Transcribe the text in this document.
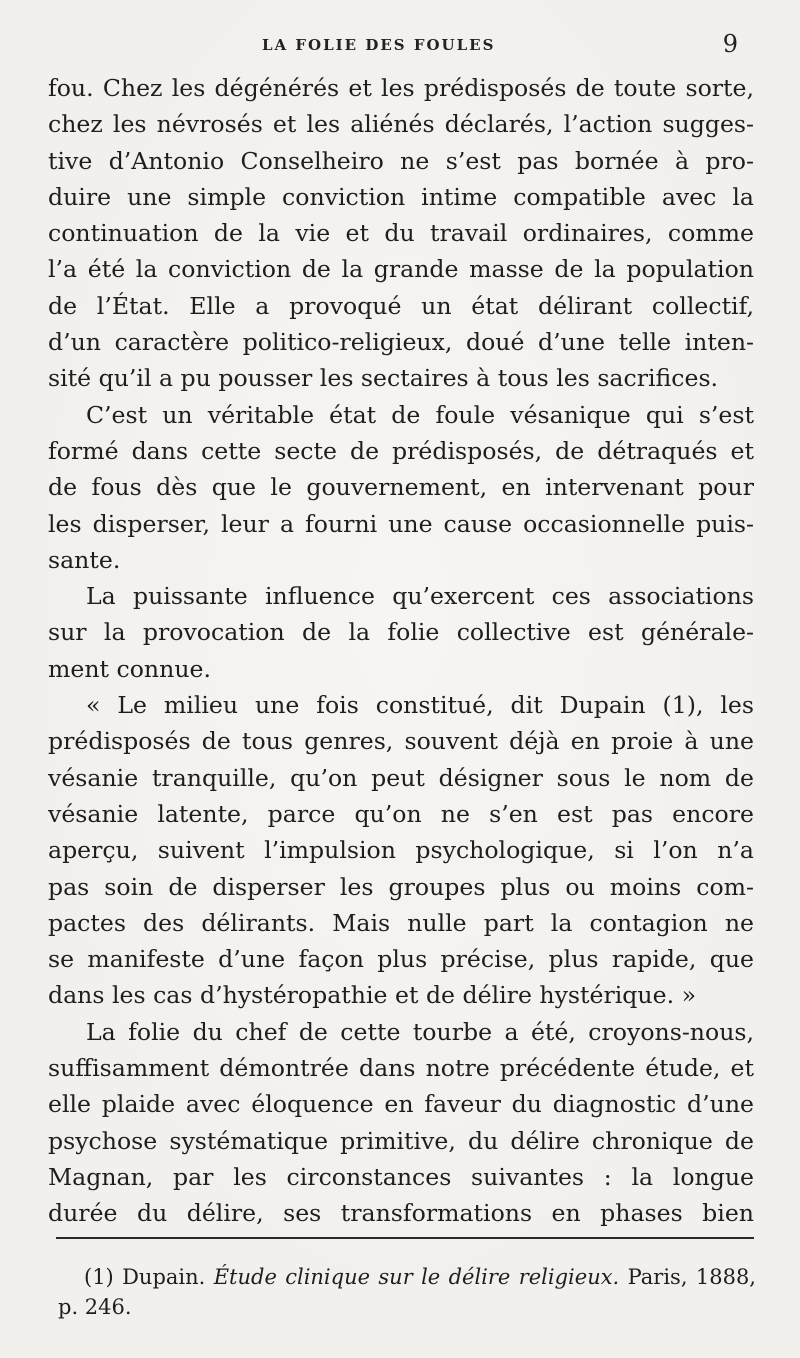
LA FOLIE DES FOULES	9
fou. Chez les dégénérés et les prédisposés de toute sorte,
chez les névrosés et les aliénés déclarés, l’action sugges-
tive d’Antonio Conselheiro ne s’est pas bornée à pro-
duire une simple conviction intime compatible avec la
continuation de la vie et du travail ordinaires, comme
l’a été la conviction de la grande masse de la population
de l’État. Elle a provoqué un état délirant collectif,
d’un caractère politico-religieux, doué d’une telle inten-
sité qu’il a pu pousser les sectaires à tous les sacrifices.
C’est un véritable état de foule vésanique qui s’est
formé dans cette secte de prédisposés, de détraqués et
de fous dès que le gouvernement, en intervenant pour
les disperser, leur a fourni une cause occasionnelle puis-
sante.
La puissante influence qu’exercent ces associations
sur la provocation de la folie collective est générale-
ment connue.
« Le milieu une fois constitué, dit Dupain (1), les
prédisposés de tous genres, souvent déjà en proie à une
vésanie tranquille, qu’on peut désigner sous le nom de
vésanie latente, parce qu’on ne s’en est pas encore
aperçu, suivent l’impulsion psychologique, si l’on n’a
pas soin de disperser les groupes plus ou moins com-
pactes des délirants. Mais nulle part la contagion ne
se manifeste d’une façon plus précise, plus rapide, que
dans les cas d’hystéropathie et de délire hystérique. »
La folie du chef de cette tourbe a été, croyons-nous,
suffisamment démontrée dans notre précédente étude, et
elle plaide avec éloquence en faveur du diagnostic d’une
psychose systématique primitive, du délire chronique de
Magnan, par les circonstances suivantes : la longue
durée du délire, ses transformations en phases bien
(1) Dupain. Étude clinique sur le délire religieux. Paris, 1888,
p. 246.
